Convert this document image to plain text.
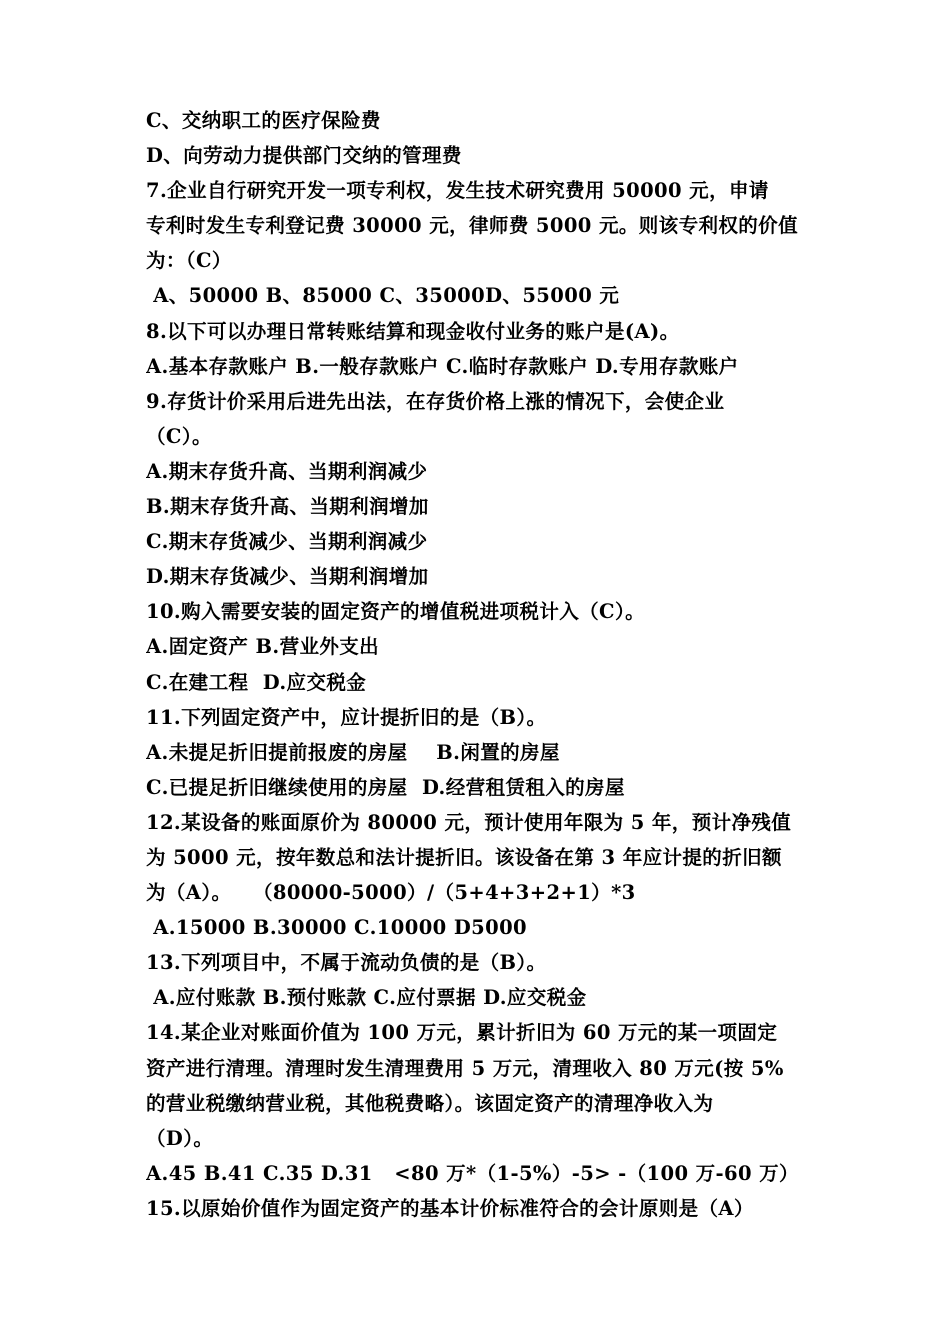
C、交纳职工的医疗保险费
D、向劳动力提供部门交纳的管理费
7.企业自行研究开发一项专利权，发生技术研究费用 50000 元，申请
专利时发生专利登记费 30000 元，律师费 5000 元。则该专利权的价值
为：（C）
A、50000 B、85000 C、35000D、55000 元
8.以下可以办理日常转账结算和现金收付业务的账户是(A)。
A.基本存款账户 B.一般存款账户 C.临时存款账户 D.专用存款账户
9.存货计价采用后进先出法，在存货价格上涨的情况下，会使企业
（C）。
A.期末存货升高、当期利润减少
B.期末存货升高、当期利润增加
C.期末存货减少、当期利润减少
D.期末存货减少、当期利润增加
10.购入需要安装的固定资产的增值税进项税计入（C）。
A.固定资产 B.营业外支出
C.在建工程  D.应交税金
11.下列固定资产中，应计提折旧的是（B）。
A.未提足折旧提前报废的房屋    B.闲置的房屋
C.已提足折旧继续使用的房屋  D.经营租赁租入的房屋
12.某设备的账面原价为 80000 元，预计使用年限为 5 年，预计净残值
为 5000 元，按年数总和法计提折旧。该设备在第 3 年应计提的折旧额
为（A）。   （80000-5000）/（5+4+3+2+1）*3
A.15000 B.30000 C.10000 D5000
13.下列项目中，不属于流动负债的是（B）。
A.应付账款 B.预付账款 C.应付票据 D.应交税金
14.某企业对账面价值为 100 万元，累计折旧为 60 万元的某一项固定
资产进行清理。清理时发生清理费用 5 万元，清理收入 80 万元(按 5%
的营业税缴纳营业税，其他税费略）。该固定资产的清理净收入为
（D）。
A.45 B.41 C.35 D.31   <80 万*（1-5%）-5> -（100 万-60 万）
15.以原始价值作为固定资产的基本计价标准符合的会计原则是（A）
